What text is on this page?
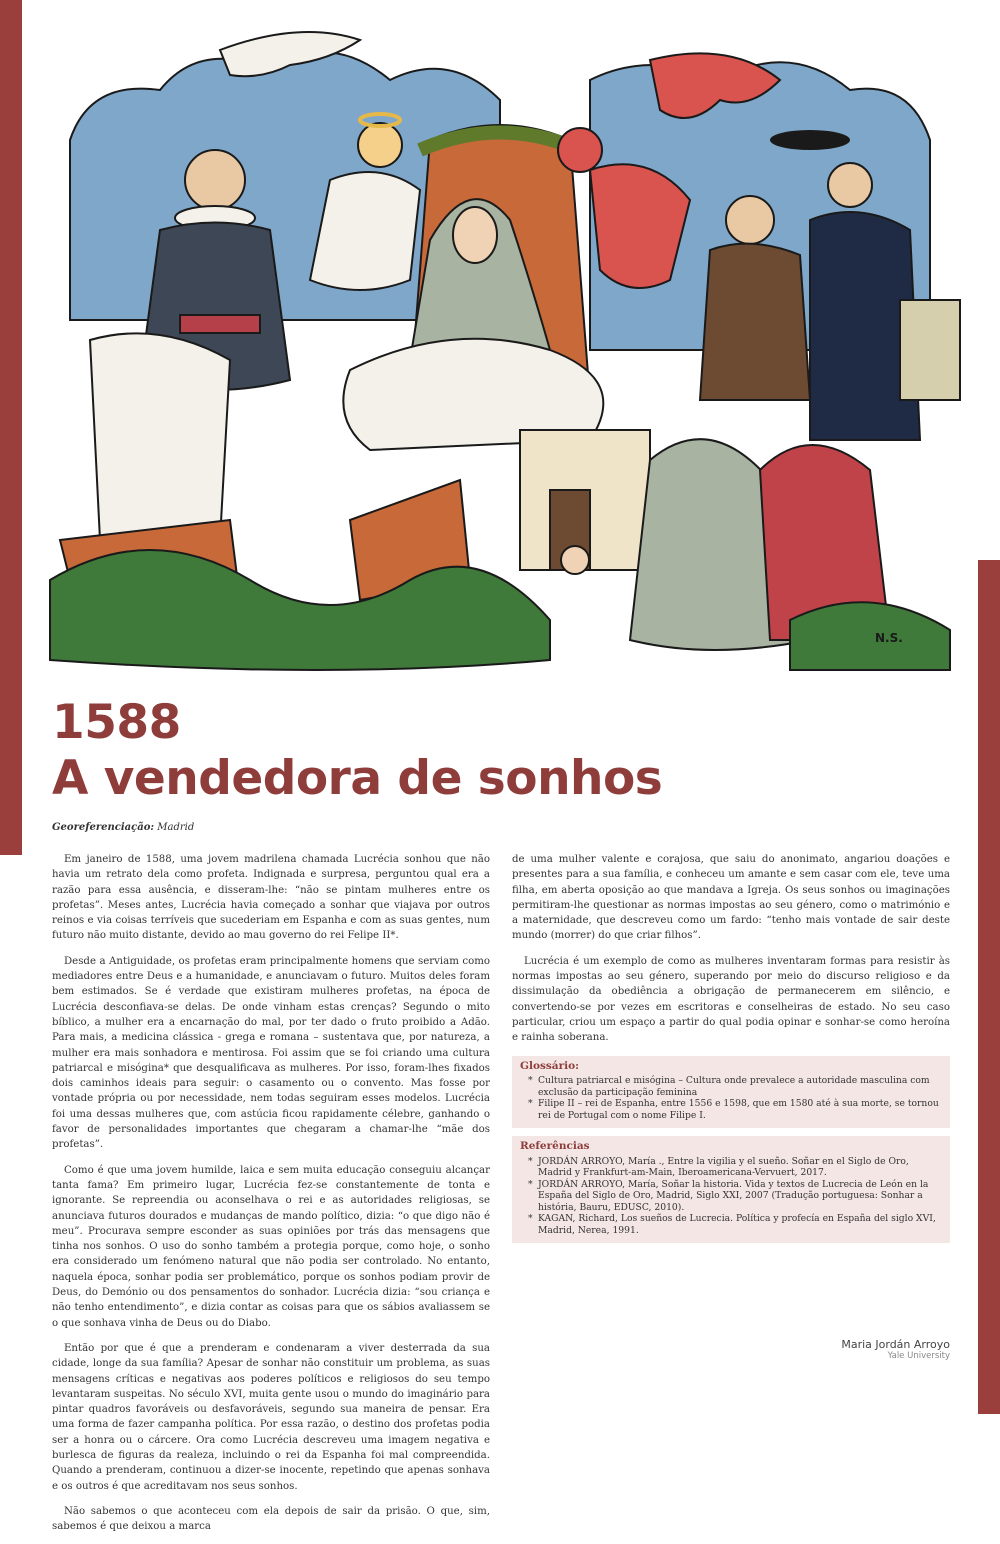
N.S.
1588
A vendedora de sonhos
Georeferenciação: Madrid

Em janeiro de 1588, uma jovem madrilena chamada Lucrécia sonhou que não havia um retrato dela como profeta. Indignada e surpresa, perguntou qual era a razão para essa ausência, e disseram-lhe: “não se pintam mulheres entre os profetas”. Meses antes, Lucrécia havia começado a sonhar que viajava por outros reinos e via coisas terríveis que sucederiam em Espanha e com as suas gentes, num futuro não muito distante, devido ao mau governo do rei Felipe II*.

Desde a Antiguidade, os profetas eram principalmente homens que serviam como mediadores entre Deus e a humanidade, e anunciavam o futuro. Muitos deles foram bem estimados. Se é verdade que existiram mulheres profetas, na época de Lucrécia desconfiava-se delas. De onde vinham estas crenças? Segundo o mito bíblico, a mulher era a encarnação do mal, por ter dado o fruto proibido a Adão. Para mais, a medicina clássica - grega e romana – sustentava que, por natureza, a mulher era mais sonhadora e mentirosa. Foi assim que se foi criando uma cultura patriarcal e misógina* que desqualificava as mulheres. Por isso, foram-lhes fixados dois caminhos ideais para seguir: o casamento ou o convento. Mas fosse por vontade própria ou por necessidade, nem todas seguiram esses modelos. Lucrécia foi uma dessas mulheres que, com astúcia ficou rapidamente célebre, ganhando o favor de personalidades importantes que chegaram a chamar-lhe “mãe dos profetas”.

Como é que uma jovem humilde, laica e sem muita educação conseguiu alcançar tanta fama? Em primeiro lugar, Lucrécia fez-se constantemente de tonta e ignorante. Se repreendia ou aconselhava o rei e as autoridades religiosas, se anunciava futuros dourados e mudanças de mando político, dizia: “o que digo não é meu”. Procurava sempre esconder as suas opiniões por trás das mensagens que tinha nos sonhos. O uso do sonho também a protegia porque, como hoje, o sonho era considerado um fenómeno natural que não podia ser controlado. No entanto, naquela época, sonhar podia ser problemático, porque os sonhos podiam provir de Deus, do Demónio ou dos pensamentos do sonhador. Lucrécia dizia: “sou criança e não tenho entendimento”, e dizia contar as coisas para que os sábios avaliassem se o que sonhava vinha de Deus ou do Diabo.

Então por que é que a prenderam e condenaram a viver desterrada da sua cidade, longe da sua família? Apesar de sonhar não constituir um problema, as suas mensagens críticas e negativas aos poderes políticos e religiosos do seu tempo levantaram suspeitas. No século XVI, muita gente usou o mundo do imaginário para pintar quadros favoráveis ou desfavoráveis, segundo sua maneira de pensar. Era uma forma de fazer campanha política. Por essa razão, o destino dos profetas podia ser a honra ou o cárcere. Ora como Lucrécia descreveu uma imagem negativa e burlesca de figuras da realeza, incluindo o rei da Espanha foi mal compreendida. Quando a prenderam, continuou a dizer-se inocente, repetindo que apenas sonhava e os outros é que acreditavam nos seus sonhos.

Não sabemos o que aconteceu com ela depois de sair da prisão. O que, sim, sabemos é que deixou a marca

de uma mulher valente e corajosa, que saiu do anonimato, angariou doações e presentes para a sua família, e conheceu um amante e sem casar com ele, teve uma filha, em aberta oposição ao que mandava a Igreja. Os seus sonhos ou imaginações permitiram-lhe questionar as normas impostas ao seu género, como o matrimónio e a maternidade, que descreveu como um fardo: “tenho mais vontade de sair deste mundo (morrer) do que criar filhos”.

Lucrécia é um exemplo de como as mulheres inventaram formas para resistir às normas impostas ao seu género, superando por meio do discurso religioso e da dissimulação da obediência a obrigação de permanecerem em silêncio, e convertendo-se por vezes em escritoras e conselheiras de estado. No seu caso particular, criou um espaço a partir do qual podia opinar e sonhar-se como heroína e rainha soberana.

Glossário:
* Cultura patriarcal e misógina – Cultura onde prevalece a autoridade masculina com exclusão da participação feminina
* Filipe II – rei de Espanha, entre 1556 e 1598, que em 1580 até à sua morte, se tornou rei de Portugal com o nome Filipe I.
Referências
* JORDÁN ARROYO, María ., Entre la vigilia y el sueño. Soñar en el Siglo de Oro, Madrid y Frankfurt-am-Main, Iberoamericana-Vervuert, 2017.
* JORDÁN ARROYO, María, Soñar la historia. Vida y textos de Lucrecia de León en la España del Siglo de Oro, Madrid, Siglo XXI, 2007 (Tradução portuguesa: Sonhar a história, Bauru, EDUSC, 2010).
* KAGAN, Richard, Los sueños de Lucrecia. Política y profecía en España del siglo XVI, Madrid, Nerea, 1991.
Maria Jordán Arroyo
Yale University
